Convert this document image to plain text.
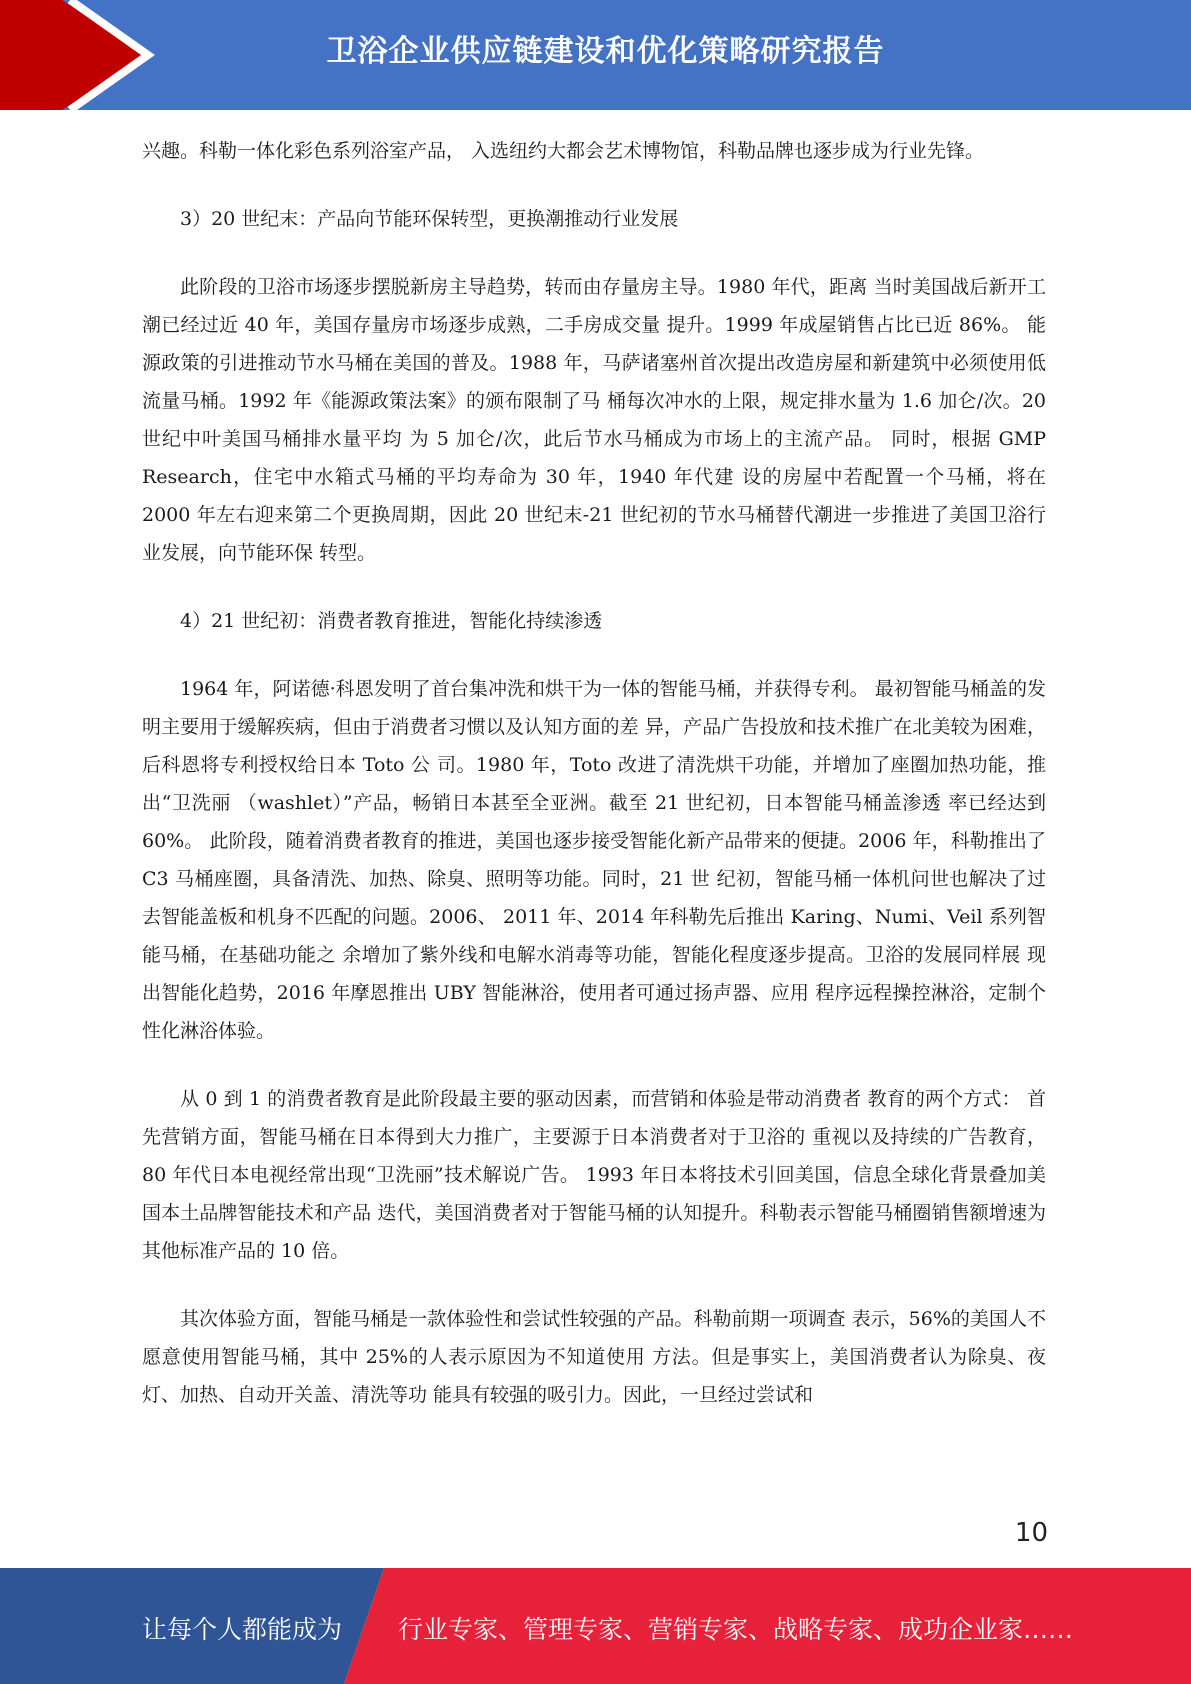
卫浴企业供应链建设和优化策略研究报告

兴趣。科勒一体化彩色系列浴室产品， 入选纽约大都会艺术博物馆，科勒品牌也逐步成为行业先锋。

3）20 世纪末：产品向节能环保转型，更换潮推动行业发展

此阶段的卫浴市场逐步摆脱新房主导趋势，转而由存量房主导。1980 年代，距离 当时美国战后新开工潮已经过近 40 年，美国存量房市场逐步成熟，二手房成交量 提升。1999 年成屋销售占比已近 86%。 能源政策的引进推动节水马桶在美国的普及。1988 年，马萨诸塞州首次提出改造房屋和新建筑中必须使用低流量马桶。1992 年《能源政策法案》的颁布限制了马 桶每次冲水的上限，规定排水量为 1.6 加仑/次。20 世纪中叶美国马桶排水量平均 为 5 加仑/次，此后节水马桶成为市场上的主流产品。 同时，根据 GMP Research，住宅中水箱式马桶的平均寿命为 30 年，1940 年代建 设的房屋中若配置一个马桶，将在 2000 年左右迎来第二个更换周期，因此 20 世纪末-21 世纪初的节水马桶替代潮进一步推进了美国卫浴行业发展，向节能环保 转型。

4）21 世纪初：消费者教育推进，智能化持续渗透

1964 年，阿诺德·科恩发明了首台集冲洗和烘干为一体的智能马桶，并获得专利。 最初智能马桶盖的发明主要用于缓解疾病，但由于消费者习惯以及认知方面的差 异，产品广告投放和技术推广在北美较为困难，后科恩将专利授权给日本 Toto 公 司。1980 年，Toto 改进了清洗烘干功能，并增加了座圈加热功能，推出“卫洗丽 （washlet）”产品，畅销日本甚至全亚洲。截至 21 世纪初，日本智能马桶盖渗透 率已经达到 60%。 此阶段，随着消费者教育的推进，美国也逐步接受智能化新产品带来的便捷。2006 年，科勒推出了 C3 马桶座圈，具备清洗、加热、除臭、照明等功能。同时，21 世 纪初，智能马桶一体机问世也解决了过去智能盖板和机身不匹配的问题。2006、 2011 年、2014 年科勒先后推出 Karing、Numi、Veil 系列智能马桶，在基础功能之 余增加了紫外线和电解水消毒等功能，智能化程度逐步提高。卫浴的发展同样展 现出智能化趋势，2016 年摩恩推出 UBY 智能淋浴，使用者可通过扬声器、应用 程序远程操控淋浴，定制个性化淋浴体验。

从 0 到 1 的消费者教育是此阶段最主要的驱动因素，而营销和体验是带动消费者 教育的两个方式： 首先营销方面，智能马桶在日本得到大力推广，主要源于日本消费者对于卫浴的 重视以及持续的广告教育，80 年代日本电视经常出现“卫洗丽”技术解说广告。 1993 年日本将技术引回美国，信息全球化背景叠加美国本土品牌智能技术和产品 迭代，美国消费者对于智能马桶的认知提升。科勒表示智能马桶圈销售额增速为 其他标准产品的 10 倍。

其次体验方面，智能马桶是一款体验性和尝试性较强的产品。科勒前期一项调查 表示，56%的美国人不愿意使用智能马桶，其中 25%的人表示原因为不知道使用 方法。但是事实上，美国消费者认为除臭、夜灯、加热、自动开关盖、清洗等功 能具有较强的吸引力。因此，一旦经过尝试和

10
让每个人都能成为 行业专家、管理专家、营销专家、战略专家、成功企业家……
